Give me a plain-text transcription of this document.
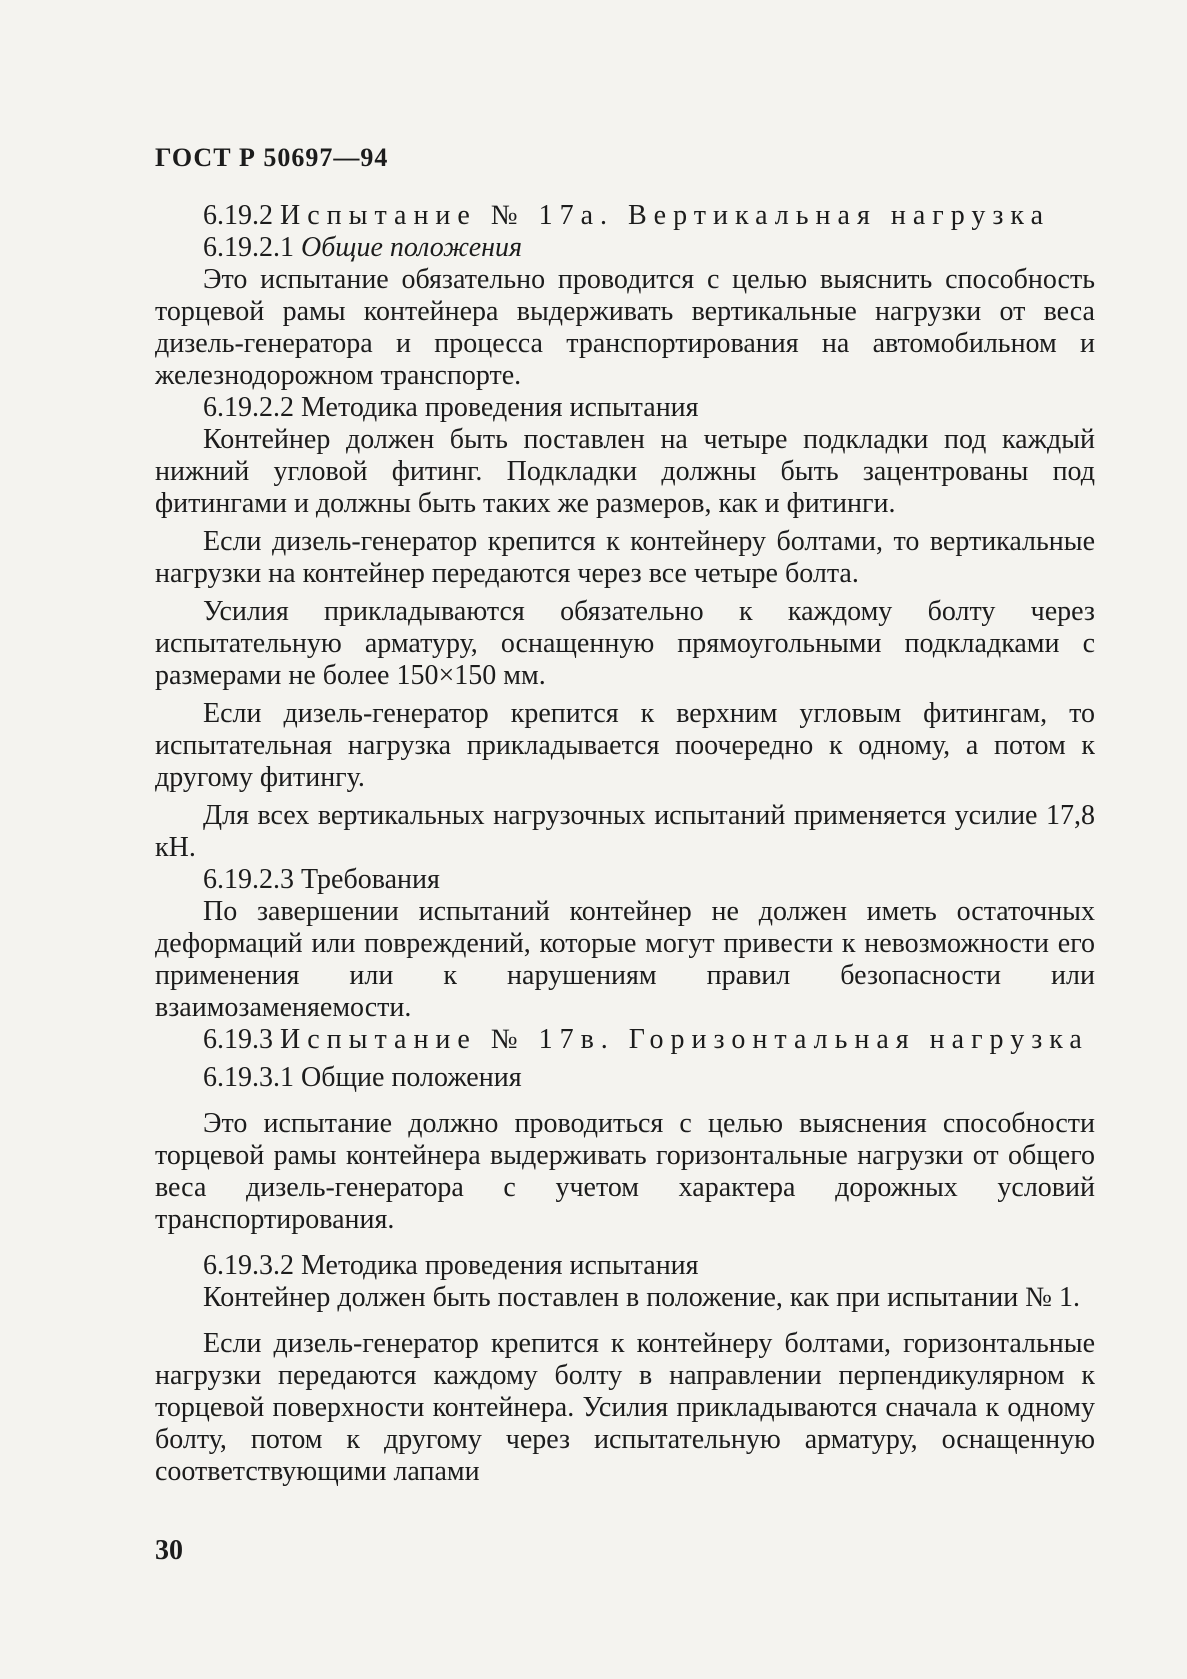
ГОСТ Р 50697—94

6.19.2 Испытание № 17а. Вертикальная нагрузка

6.19.2.1 Общие положения

Это испытание обязательно проводится с целью выяснить способность торцевой рамы контейнера выдерживать вертикальные нагрузки от веса дизель-генератора и процесса транспортирования на автомобильном и железнодорожном транспорте.

6.19.2.2 Методика проведения испытания

Контейнер должен быть поставлен на четыре подкладки под каждый нижний угловой фитинг. Подкладки должны быть зацентрованы под фитингами и должны быть таких же размеров, как и фитинги.

Если дизель-генератор крепится к контейнеру болтами, то вертикальные нагрузки на контейнер передаются через все четыре болта.

Усилия прикладываются обязательно к каждому болту через испытательную арматуру, оснащенную прямоугольными подкладками с размерами не более 150×150 мм.

Если дизель-генератор крепится к верхним угловым фитингам, то испытательная нагрузка прикладывается поочередно к одному, а потом к другому фитингу.

Для всех вертикальных нагрузочных испытаний применяется усилие 17,8 кН.

6.19.2.3 Требования

По завершении испытаний контейнер не должен иметь остаточных деформаций или повреждений, которые могут привести к невозможности его применения или к нарушениям правил безопасности или взаимозаменяемости.

6.19.3 Испытание № 17в. Горизонтальная нагрузка

6.19.3.1 Общие положения

Это испытание должно проводиться с целью выяснения способности торцевой рамы контейнера выдерживать горизонтальные нагрузки от общего веса дизель-генератора с учетом характера дорожных условий транспортирования.

6.19.3.2 Методика проведения испытания

Контейнер должен быть поставлен в положение, как при испытании № 1.

Если дизель-генератор крепится к контейнеру болтами, горизонтальные нагрузки передаются каждому болту в направлении перпендикулярном к торцевой поверхности контейнера. Усилия прикладываются сначала к одному болту, потом к другому через испытательную арматуру, оснащенную соответствующими лапами

30
